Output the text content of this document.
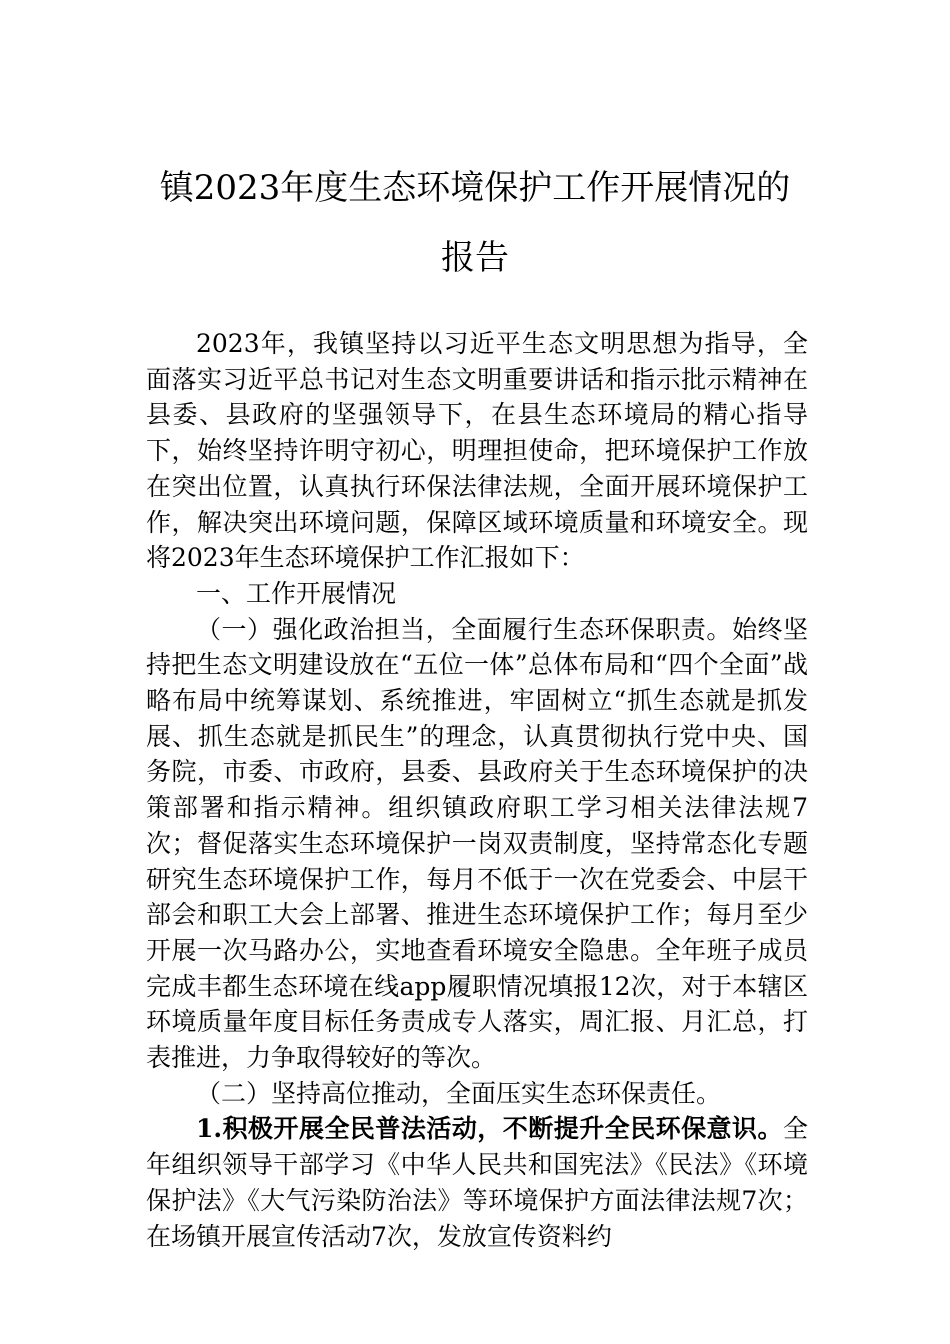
镇2023年度生态环境保护工作开展情况的
报告

2023年，我镇坚持以习近平生态文明思想为指导，全面落实习近平总书记对生态文明重要讲话和指示批示精神在县委、县政府的坚强领导下，在县生态环境局的精心指导下，始终坚持许明守初心，明理担使命，把环境保护工作放在突出位置，认真执行环保法律法规，全面开展环境保护工作，解决突出环境问题，保障区域环境质量和环境安全。现将2023年生态环境保护工作汇报如下：

一、工作开展情况

（一）强化政治担当，全面履行生态环保职责。始终坚持把生态文明建设放在“五位一体”总体布局和“四个全面”战略布局中统筹谋划、系统推进，牢固树立“抓生态就是抓发展、抓生态就是抓民生”的理念，认真贯彻执行党中央、国务院，市委、市政府，县委、县政府关于生态环境保护的决策部署和指示精神。组织镇政府职工学习相关法律法规7次；督促落实生态环境保护一岗双责制度，坚持常态化专题研究生态环境保护工作，每月不低于一次在党委会、中层干部会和职工大会上部署、推进生态环境保护工作；每月至少开展一次马路办公，实地查看环境安全隐患。全年班子成员完成丰都生态环境在线app履职情况填报12次，对于本辖区环境质量年度目标任务责成专人落实，周汇报、月汇总，打表推进，力争取得较好的等次。

（二）坚持高位推动，全面压实生态环保责任。

1.积极开展全民普法活动，不断提升全民环保意识。全年组织领导干部学习《中华人民共和国宪法》《民法》《环境保护法》《大气污染防治法》等环境保护方面法律法规7次；在场镇开展宣传活动7次，发放宣传资料约
